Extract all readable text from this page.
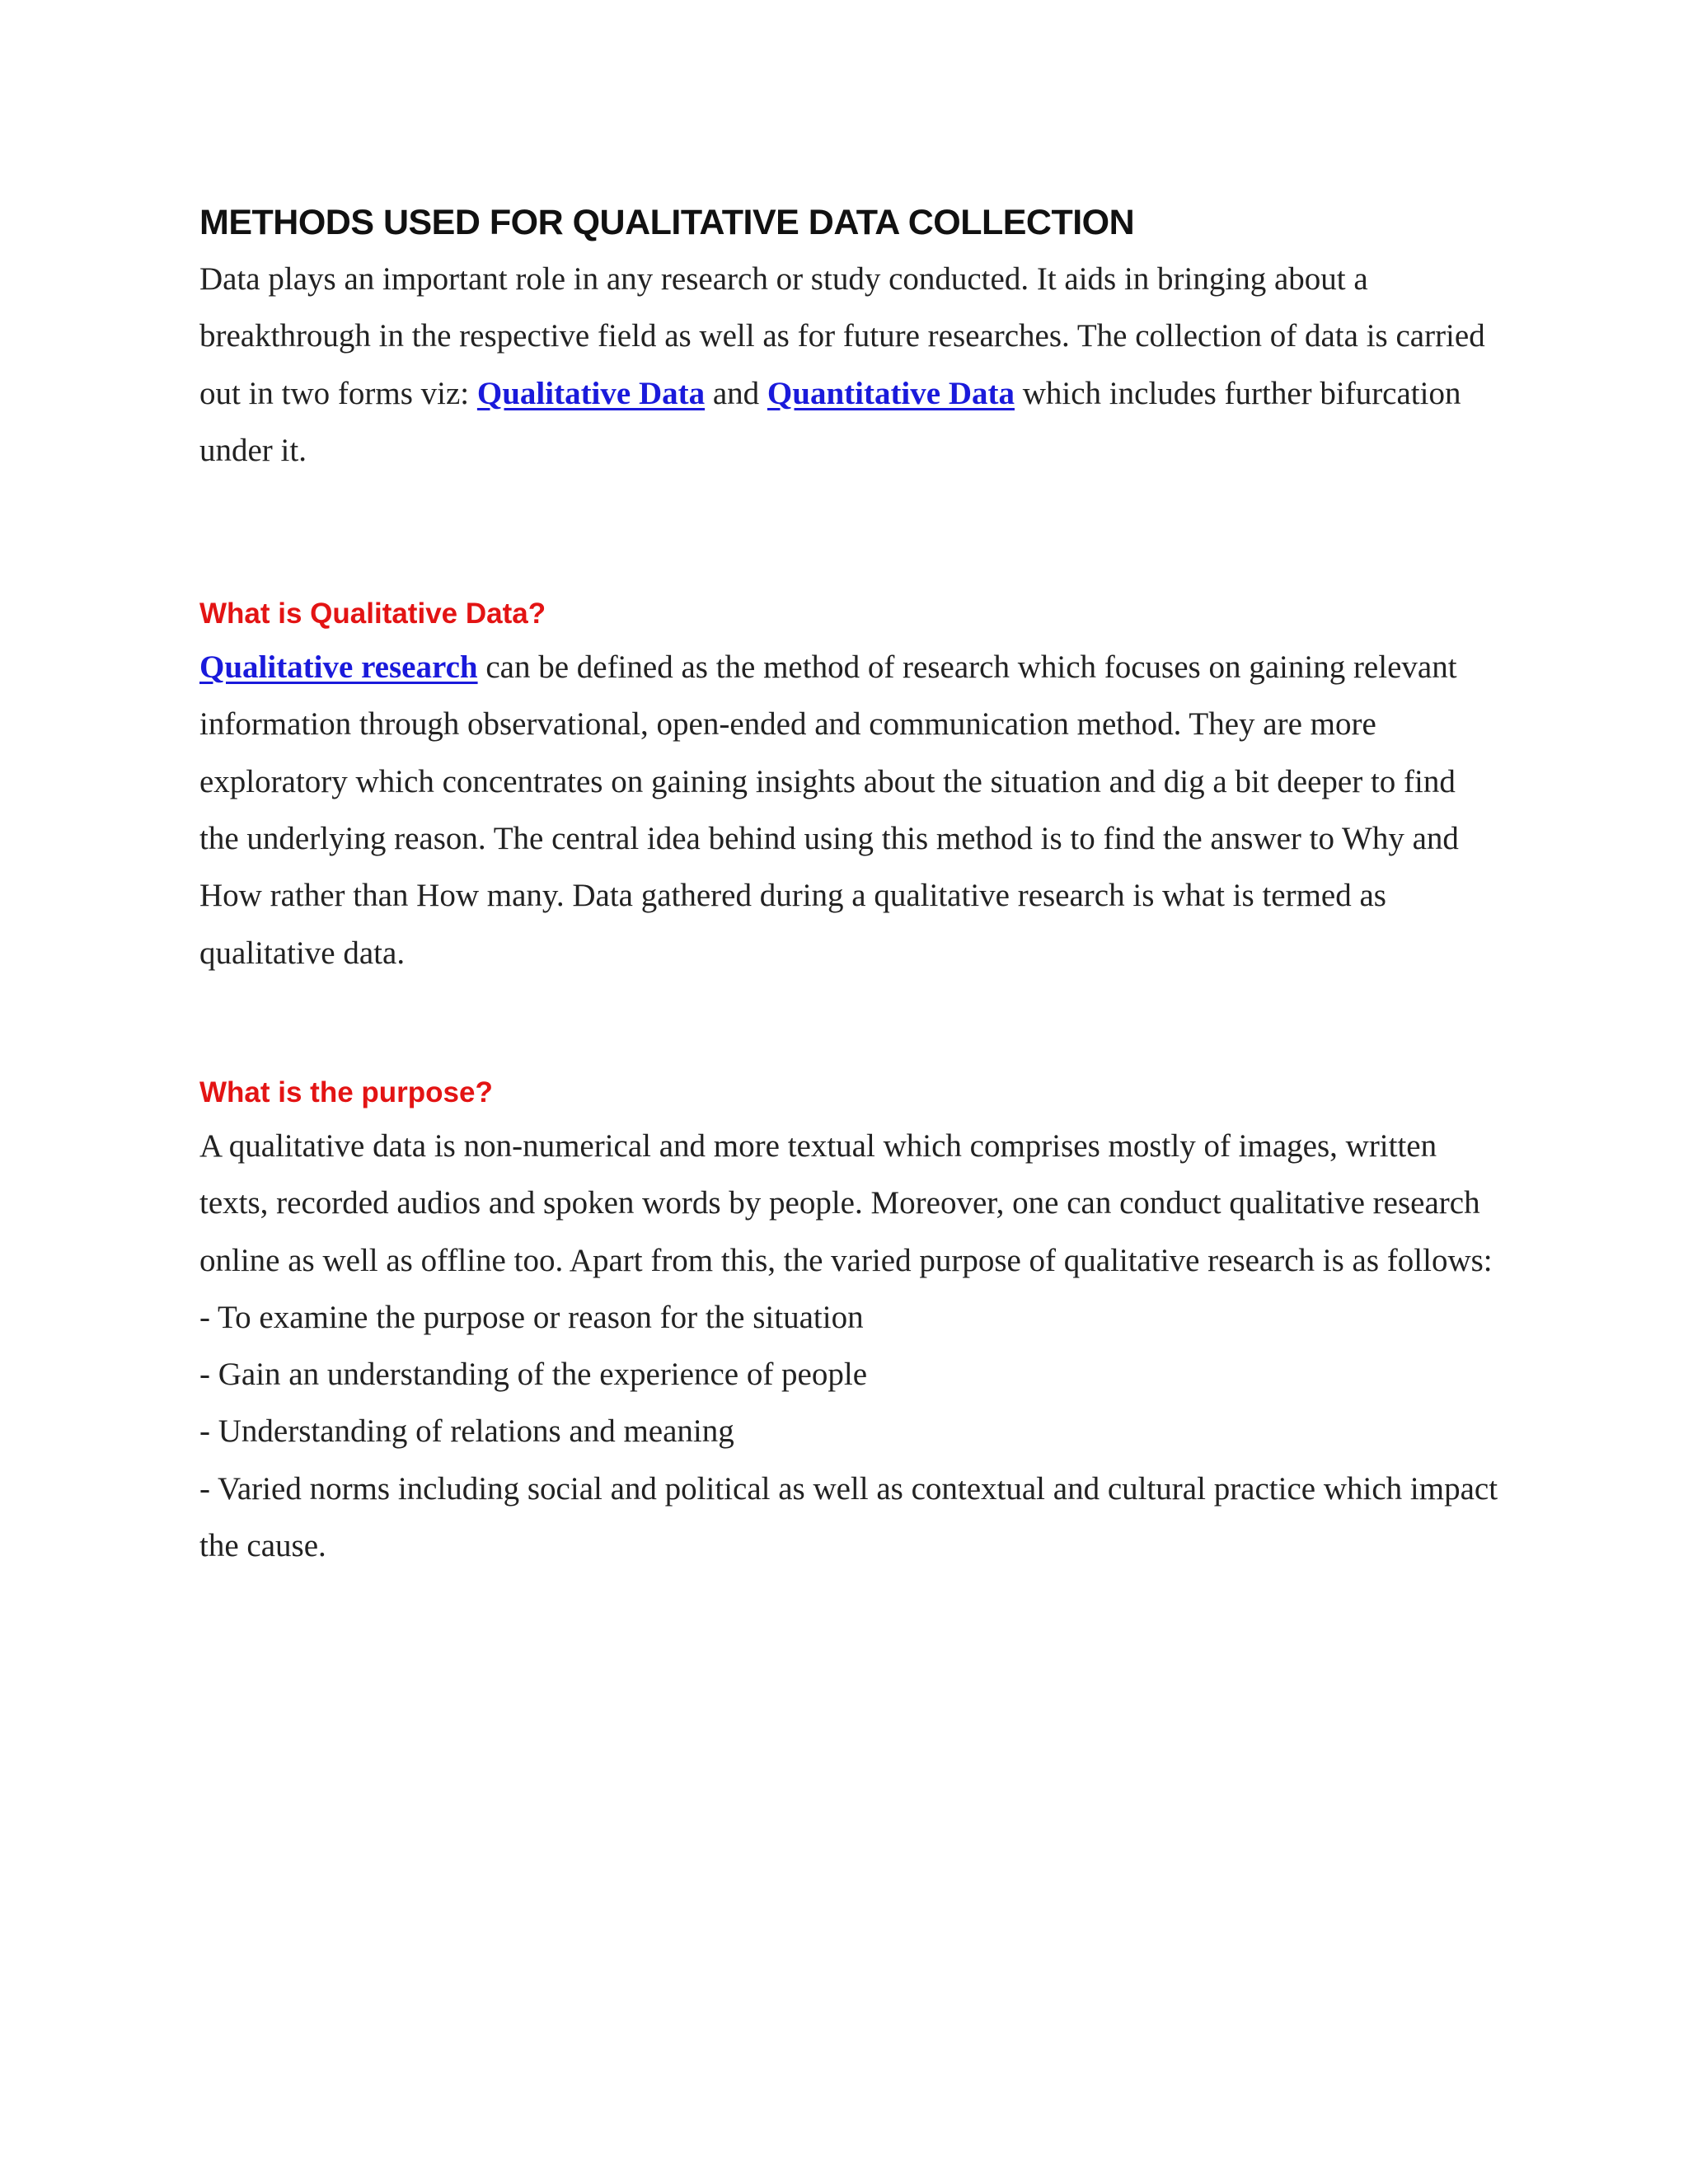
METHODS USED FOR QUALITATIVE DATA COLLECTION

Data plays an important role in any research or study conducted. It aids in bringing about a breakthrough in the respective field as well as for future researches. The collection of data is carried out in two forms viz: Qualitative Data and Quantitative Data which includes further bifurcation under it.

What is Qualitative Data?

Qualitative research can be defined as the method of research which focuses on gaining relevant information through observational, open-ended and communication method. They are more exploratory which concentrates on gaining insights about the situation and dig a bit deeper to find the underlying reason. The central idea behind using this method is to find the answer to Why and How rather than How many. Data gathered during a qualitative research is what is termed as qualitative data.

What is the purpose?

A qualitative data is non-numerical and more textual which comprises mostly of images, written texts, recorded audios and spoken words by people. Moreover, one can conduct qualitative research online as well as offline too. Apart from this, the varied purpose of qualitative research is as follows:

- To examine the purpose or reason for the situation
- Gain an understanding of the experience of people
- Understanding of relations and meaning
- Varied norms including social and political as well as contextual and cultural practice which impact the cause.
